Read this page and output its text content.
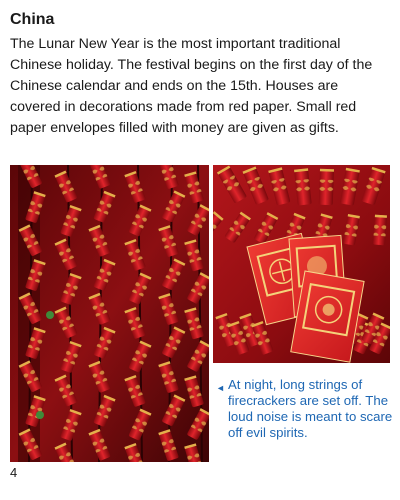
China

The Lunar New Year is the most important traditional Chinese holiday. The festival begins on the first day of the Chinese calendar and ends on the 15th. Houses are covered in decorations made from red paper. Small red paper envelopes filled with money are given as gifts.

◄ At night, long strings of firecrackers are set off. The loud noise is meant to scare off evil spirits.
4
